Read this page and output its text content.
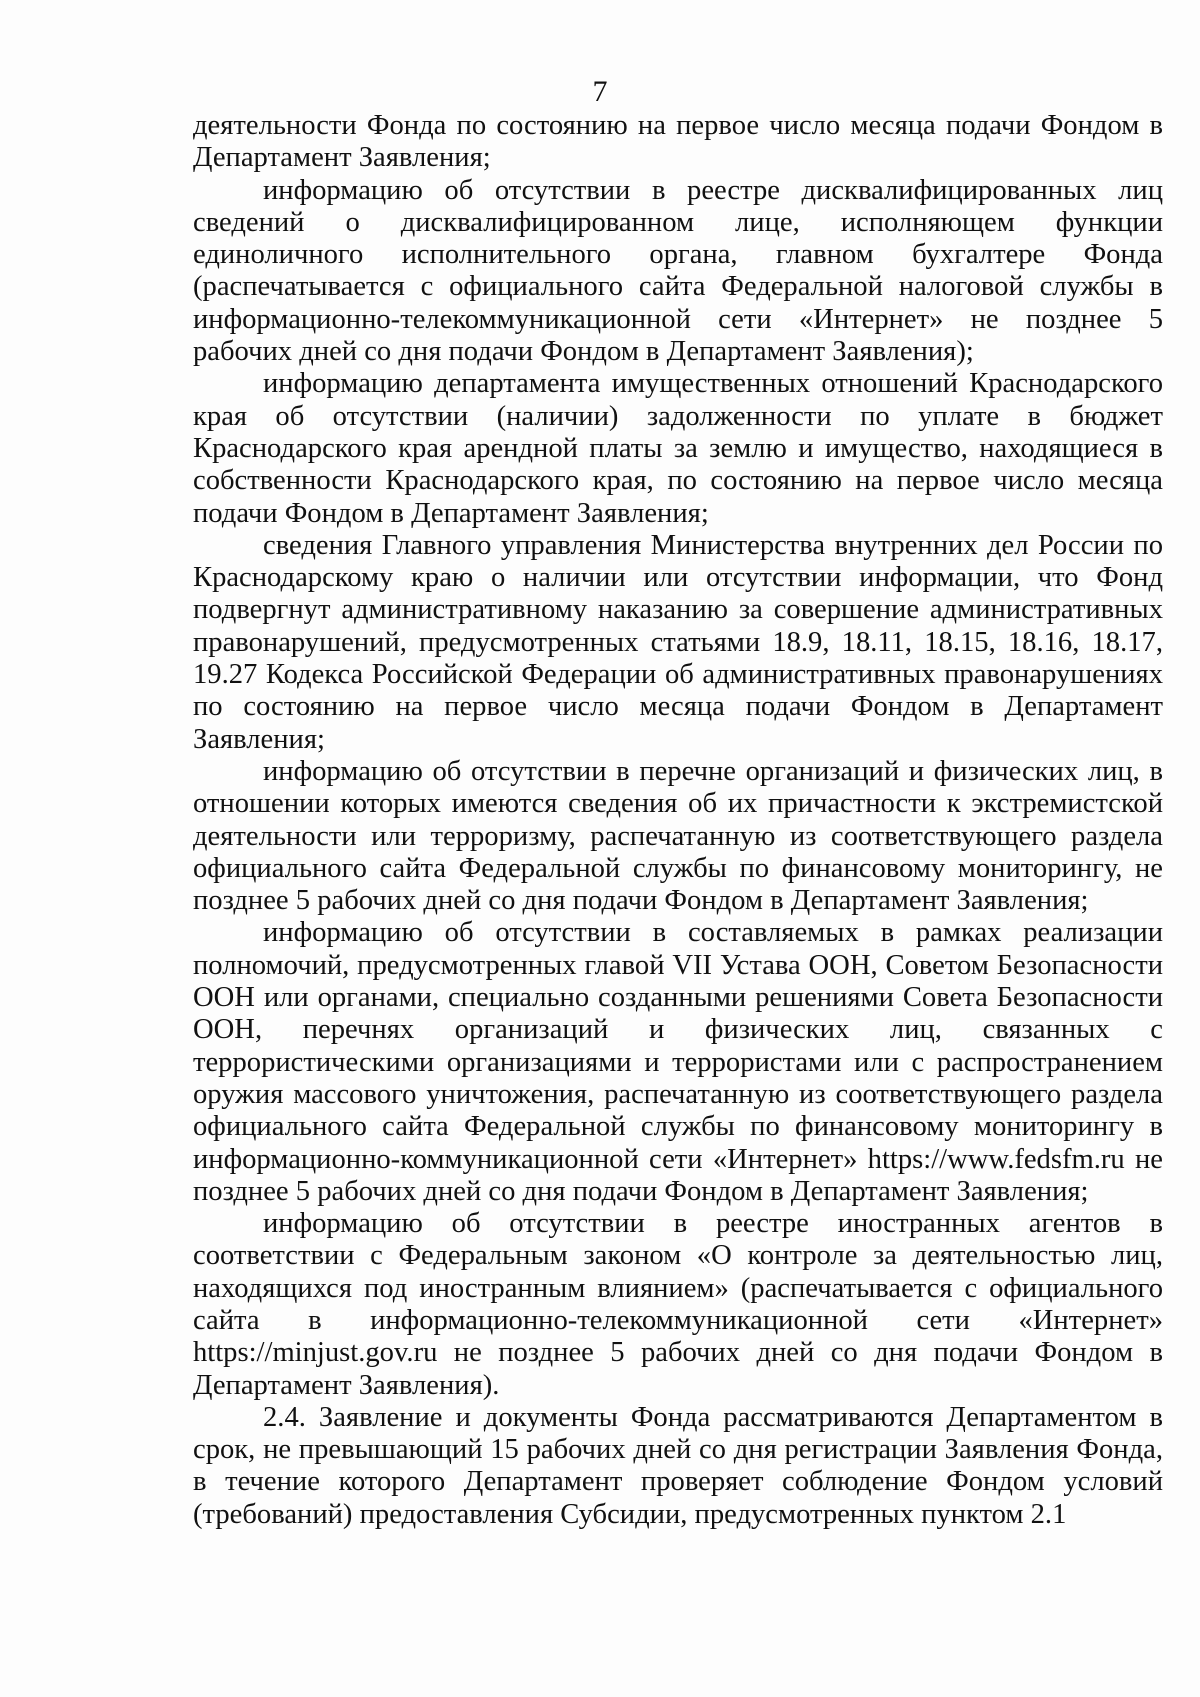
7

деятельности Фонда по состоянию на первое число месяца подачи Фондом в Департамент Заявления;

информацию об отсутствии в реестре дисквалифицированных лиц сведений о дисквалифицированном лице, исполняющем функции единоличного исполнительного органа, главном бухгалтере Фонда (распечатывается с официального сайта Федеральной налоговой службы в информационно-телекоммуникационной сети «Интернет» не позднее 5 рабочих дней со дня подачи Фондом в Департамент Заявления);

информацию департамента имущественных отношений Краснодарского края об отсутствии (наличии) задолженности по уплате в бюджет Краснодарского края арендной платы за землю и имущество, находящиеся в собственности Краснодарского края, по состоянию на первое число месяца подачи Фондом в Департамент Заявления;

сведения Главного управления Министерства внутренних дел России по Краснодарскому краю о наличии или отсутствии информации, что Фонд подвергнут административному наказанию за совершение административных правонарушений, предусмотренных статьями 18.9, 18.11, 18.15, 18.16, 18.17, 19.27 Кодекса Российской Федерации об административных правонарушениях по состоянию на первое число месяца подачи Фондом в Департамент Заявления;

информацию об отсутствии в перечне организаций и физических лиц, в отношении которых имеются сведения об их причастности к экстремистской деятельности или терроризму, распечатанную из соответствующего раздела официального сайта Федеральной службы по финансовому мониторингу, не позднее 5 рабочих дней со дня подачи Фондом в Департамент Заявления;

информацию об отсутствии в составляемых в рамках реализации полномочий, предусмотренных главой VII Устава ООН, Советом Безопасности ООН или органами, специально созданными решениями Совета Безопасности ООН, перечнях организаций и физических лиц, связанных с террористическими организациями и террористами или с распространением оружия массового уничтожения, распечатанную из соответствующего раздела официального сайта Федеральной службы по финансовому мониторингу в информационно-коммуникационной сети «Интернет» https://www.fedsfm.ru не позднее 5 рабочих дней со дня подачи Фондом в Департамент Заявления;

информацию об отсутствии в реестре иностранных агентов в соответствии с Федеральным законом «О контроле за деятельностью лиц, находящихся под иностранным влиянием» (распечатывается с официального сайта в информационно-телекоммуникационной сети «Интернет» https://minjust.gov.ru не позднее 5 рабочих дней со дня подачи Фондом в Департамент Заявления).

2.4. Заявление и документы Фонда рассматриваются Департаментом в срок, не превышающий 15 рабочих дней со дня регистрации Заявления Фонда, в течение которого Департамент проверяет соблюдение Фондом условий (требований) предоставления Субсидии, предусмотренных пунктом 2.1
